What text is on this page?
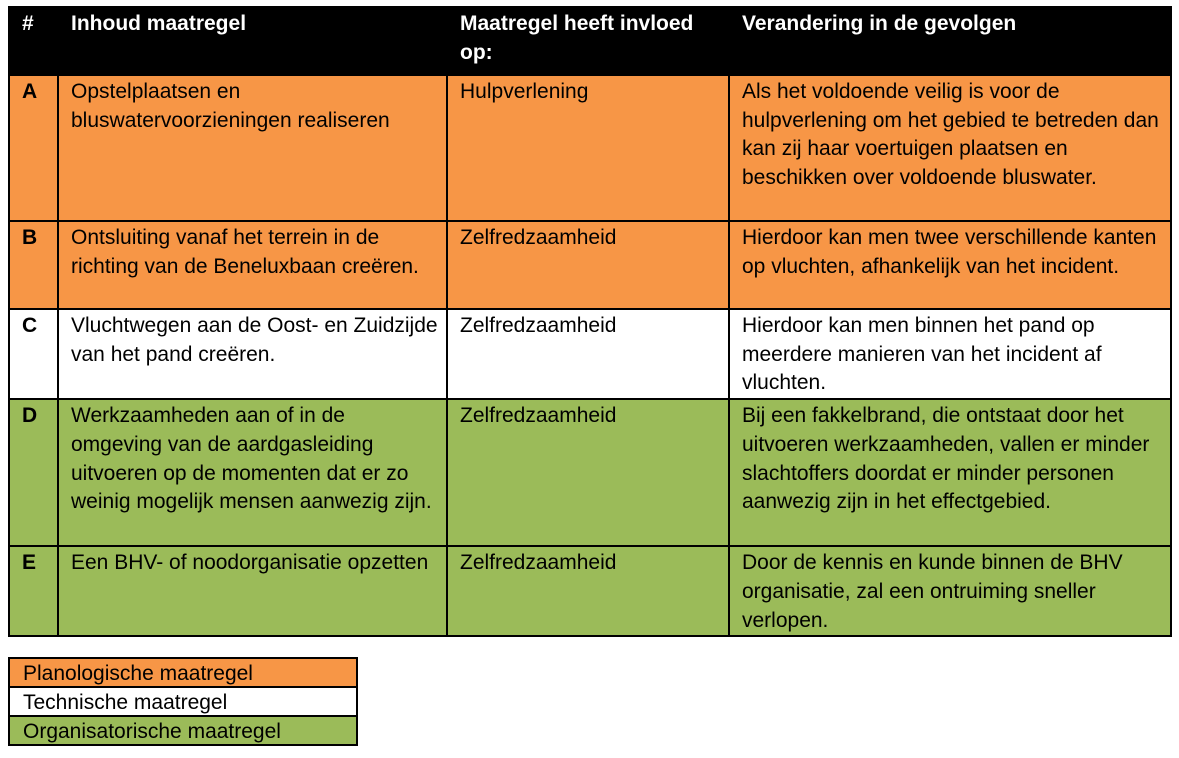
#	Inhoud maatregel	Maatregel heeft invloed op:	Verandering in de gevolgen
A	Opstelplaatsen en bluswatervoorzieningen realiseren	Hulpverlening	Als het voldoende veilig is voor de hulpverlening om het gebied te betreden dan kan zij haar voertuigen plaatsen en beschikken over voldoende bluswater.
B	Ontsluiting vanaf het terrein in de richting van de Beneluxbaan creëren.	Zelfredzaamheid	Hierdoor kan men twee verschillende kanten op vluchten, afhankelijk van het incident.
C	Vluchtwegen aan de Oost- en Zuidzijde van het pand creëren.	Zelfredzaamheid	Hierdoor kan men binnen het pand op meerdere manieren van het incident af vluchten.
D	Werkzaamheden aan of in de omgeving van de aardgasleiding uitvoeren op de momenten dat er zo weinig mogelijk mensen aanwezig zijn.	Zelfredzaamheid	Bij een fakkelbrand, die ontstaat door het uitvoeren werkzaamheden, vallen er minder slachtoffers doordat er minder personen aanwezig zijn in het effectgebied.
E	Een BHV- of noodorganisatie opzetten	Zelfredzaamheid	Door de kennis en kunde binnen de BHV organisatie, zal een ontruiming sneller verlopen.
Planologische maatregel
Technische maatregel
Organisatorische maatregel
